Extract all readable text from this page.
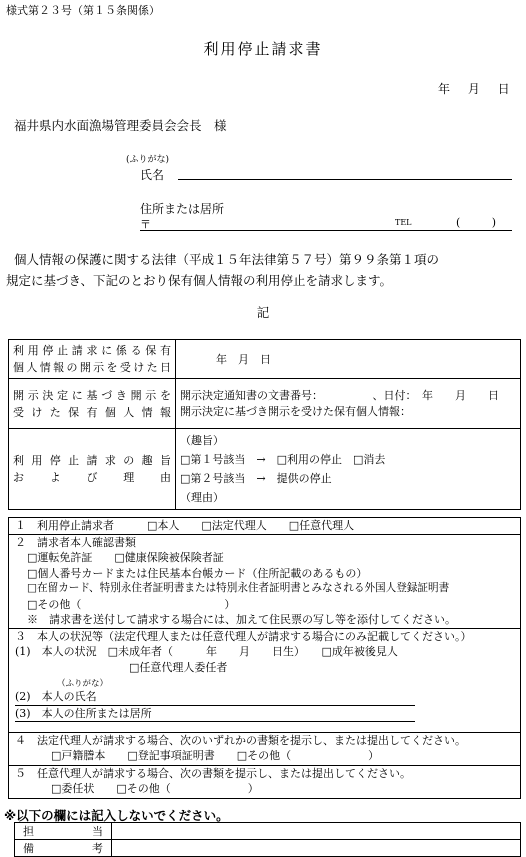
様式第２３号（第１５条関係）
利用停止請求書
年 月 日
福井県内水面漁場管理委員会会長　様
(ふりがな)
氏名
住所または居所
〒	TEL	( )
個人情報の保護に関する法律（平成１５年法律第５７号）第９９条第１項の
規定に基づき、下記のとおり保有個人情報の利用停止を請求します。
記
利用停止請求に係る保有
個人情報の開示を受けた日	年　月　日

開示決定に基づき開示を
受けた保有個人情報	開示決定通知書の文書番号：　　　　　、日付：　年　　月　　日
開示決定に基づき開示を受けた保有個人情報：

利用停止請求の趣旨
および理由	（趣旨）
□第１号該当　→　□利用の停止　□消去
□第２号該当　→　提供の停止
（理由）
１　利用停止請求者　　　□本人　　□法定代理人　　□任意代理人

２　請求者本人確認書類
□運転免許証　　□健康保険被保険者証
□個人番号カードまたは住民基本台帳カード（住所記載のあるもの）
□在留カード、特別永住者証明書または特別永住者証明書とみなされる外国人登録証明書
□その他（　　　　　　　　　　　　　）
※　請求書を送付して請求する場合には、加えて住民票の写し等を添付してください。

３　本人の状況等（法定代理人または任意代理人が請求する場合にのみ記載してください。）
(1)　本人の状況　□未成年者（　　　年　　月　　日生）　　□成年被後見人
□任意代理人委任者
（ふりがな）
(2)　本人の氏名
(3)　本人の住所または居所

４　法定代理人が請求する場合、次のいずれかの書類を提示し、または提出してください。
□戸籍謄本　　□登記事項証明書　　□その他（　　　　　　　）

５　任意代理人が請求する場合、次の書類を提示し、または提出してください。
□委任状　　□その他（　　　　　　　）
※以下の欄には記入しないでください。
担当	
備考	
